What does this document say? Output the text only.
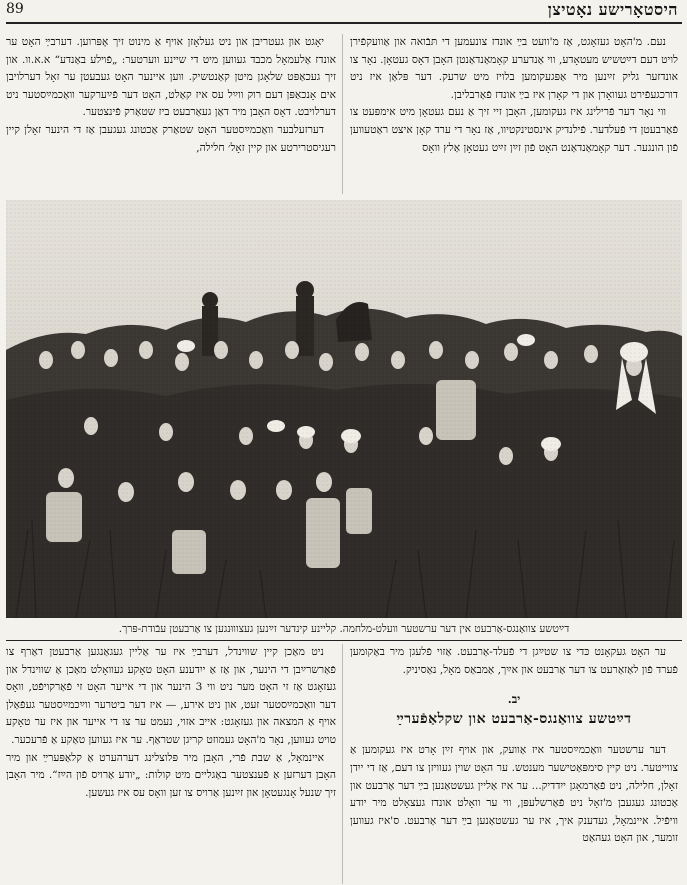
89	היסטאָרישע נאָטיצן

נעם. מ'האָט געזאָגט, אַז מ'וועט בײַ אונדז צונעמען די תּבֿואה און אַוועקפֿירן לויט דעם דײַטשיש מעטאָדע, ווי אַנדערע קאָמאַנדאַנטן האָבן דאָס געטאָן. נאָר צו אונדזער גליק זײַנען מיר אַפּגעקומען בלויז מיט שרעק. דער פּלאַן איז ניט דורכגעפֿירט געוואָרן און די קאָרן איז בײַ אונדז פֿאַרבליבן.

ווי נאָר דער פֿרילינג איז געקומען, האָבן זיי זיך אַ נעם געטאָן מיט אימפּעט צו פֿאַרבעטן די פֿעלדער. פֿילנדיק אינסטינקטיוו, אַז נאָר די ערד קאָן איצט ראַטעווען פֿון הונגער. דער קאָמאַנדאַנט האָט פֿון זײַן זײַט געטאָן אַלץ וואָס

יאָגט און געטריבן און ניט געלאָזן אויף אַ מינוט זיך אָפּרוען. דערבײַ האָט ער אונדז אַלעמאָל מכבד געווען מיט די שיינע ווערטער: „פֿױלע באַנדע“ א.א.וו. און זיך געכאַפּט שלאָגן מיטן קאַנטשיק. ווען איינער האָט געבעטן ער זאָל דערלויבן אים אָנכאַפּן דעם רוק ווײַל עס איז קאַלט, האָט דער פֿײַערקער וואַכמײַסטער ניט דערלויבט. דאָס האָבן מיר דאַן געאַרבעט ביז שטאַרק פֿינצטער.

דערזעלבער וואַכמײַסטער האָט שטאַרק אַכטונג געגעבן אַז די הינער זאָלן קיין רעגיסטרירטע און קיין זאָל׳ חלילה,

דײַטשע צוואַנגס-אַרבעט אין דער ערשטער וועלט-מלחמה. קליינע קינדער זײַנען געצוווּנגען צו אַרבעטן עבֿודת-פּרך.

ער האָט געקאָנט כּדי צו שטײַגן די פֿעלד-אַרבעט. אַזוי פֿלעגן מיר באַקומען פֿערד פֿון לאַזאַרעט צו דער אַרבעט און אײַך, אַמבאַס מאָל, נאַסיניק.

יב.
דײַטשע צוואַנגס-אַרבעט און שקלאַפֿערײַ

דער ערשטער וואַכמײַסטער איז אַוועק, און אויף זײַן אָרט איז געקומען אַ צווייטער. ניט קיין סימפּאַטישער מענטש. ער האָט שוין געוויזן צו דעם, אַז די ייִדן זאָלן, חלילה, ניט פֿאַרמאָגן ייִדדיק... ער איז אַליין געשטאַנען בײַ דער אַרבעט און אַכטונג געגעבן מ'זאָל ניט פֿאַרשלעפּן, ווי ער וואָלט אונדז געצאָלט מיר יודע וויפֿיל. איינמאָל, געדענק איך, איז ער געשטאַנען בײַ דער אַרבעט. ס'איז געווען זומער, און האָט געהאַט

ניט מאַכן קיין שווינדל, דערבײַ איז ער אַליין געגאַנגען אַרבעטן דאַרף צו פֿאַרשרײַבן די הינער, און אַז אַ ייִדענע האָט טאָקע געוואָלט מאַכן אַ שווינדל און געזאָגט אַז זי האָט מער ניט ווי 3 הינער און די אייער האָט זי פֿאַרקויפֿט, וואָס דער וואַכמײַסטער זעט, און ניט אירע, — איז דער ביטרער ווײַכמײַסטער געפֿאַלן אויף אַ המצאה און געזאָגט: אייב אזוי, נעמט ער צו די אייער און איז ער טאָקע טויט געווען, נאָר מ'האָט געמוזט קריגן שטראַף. ער איז געווען טאַקע אַ פֿרעכער.

איינמאָל, אַ שבת פֿרי, האָבן מיר פּלוצלינג דערהערט אַ קלאַפּערײַ און מיר האָבן דערזען אַ פֿענצטער באַגליים מיט קולות: „יודע אַרויס פֿון הײַז“. מיר האָבן זיך שנעל אָנגעטאָן און זײַנען אַרויס צו זען וואָס עס איז געשען.
